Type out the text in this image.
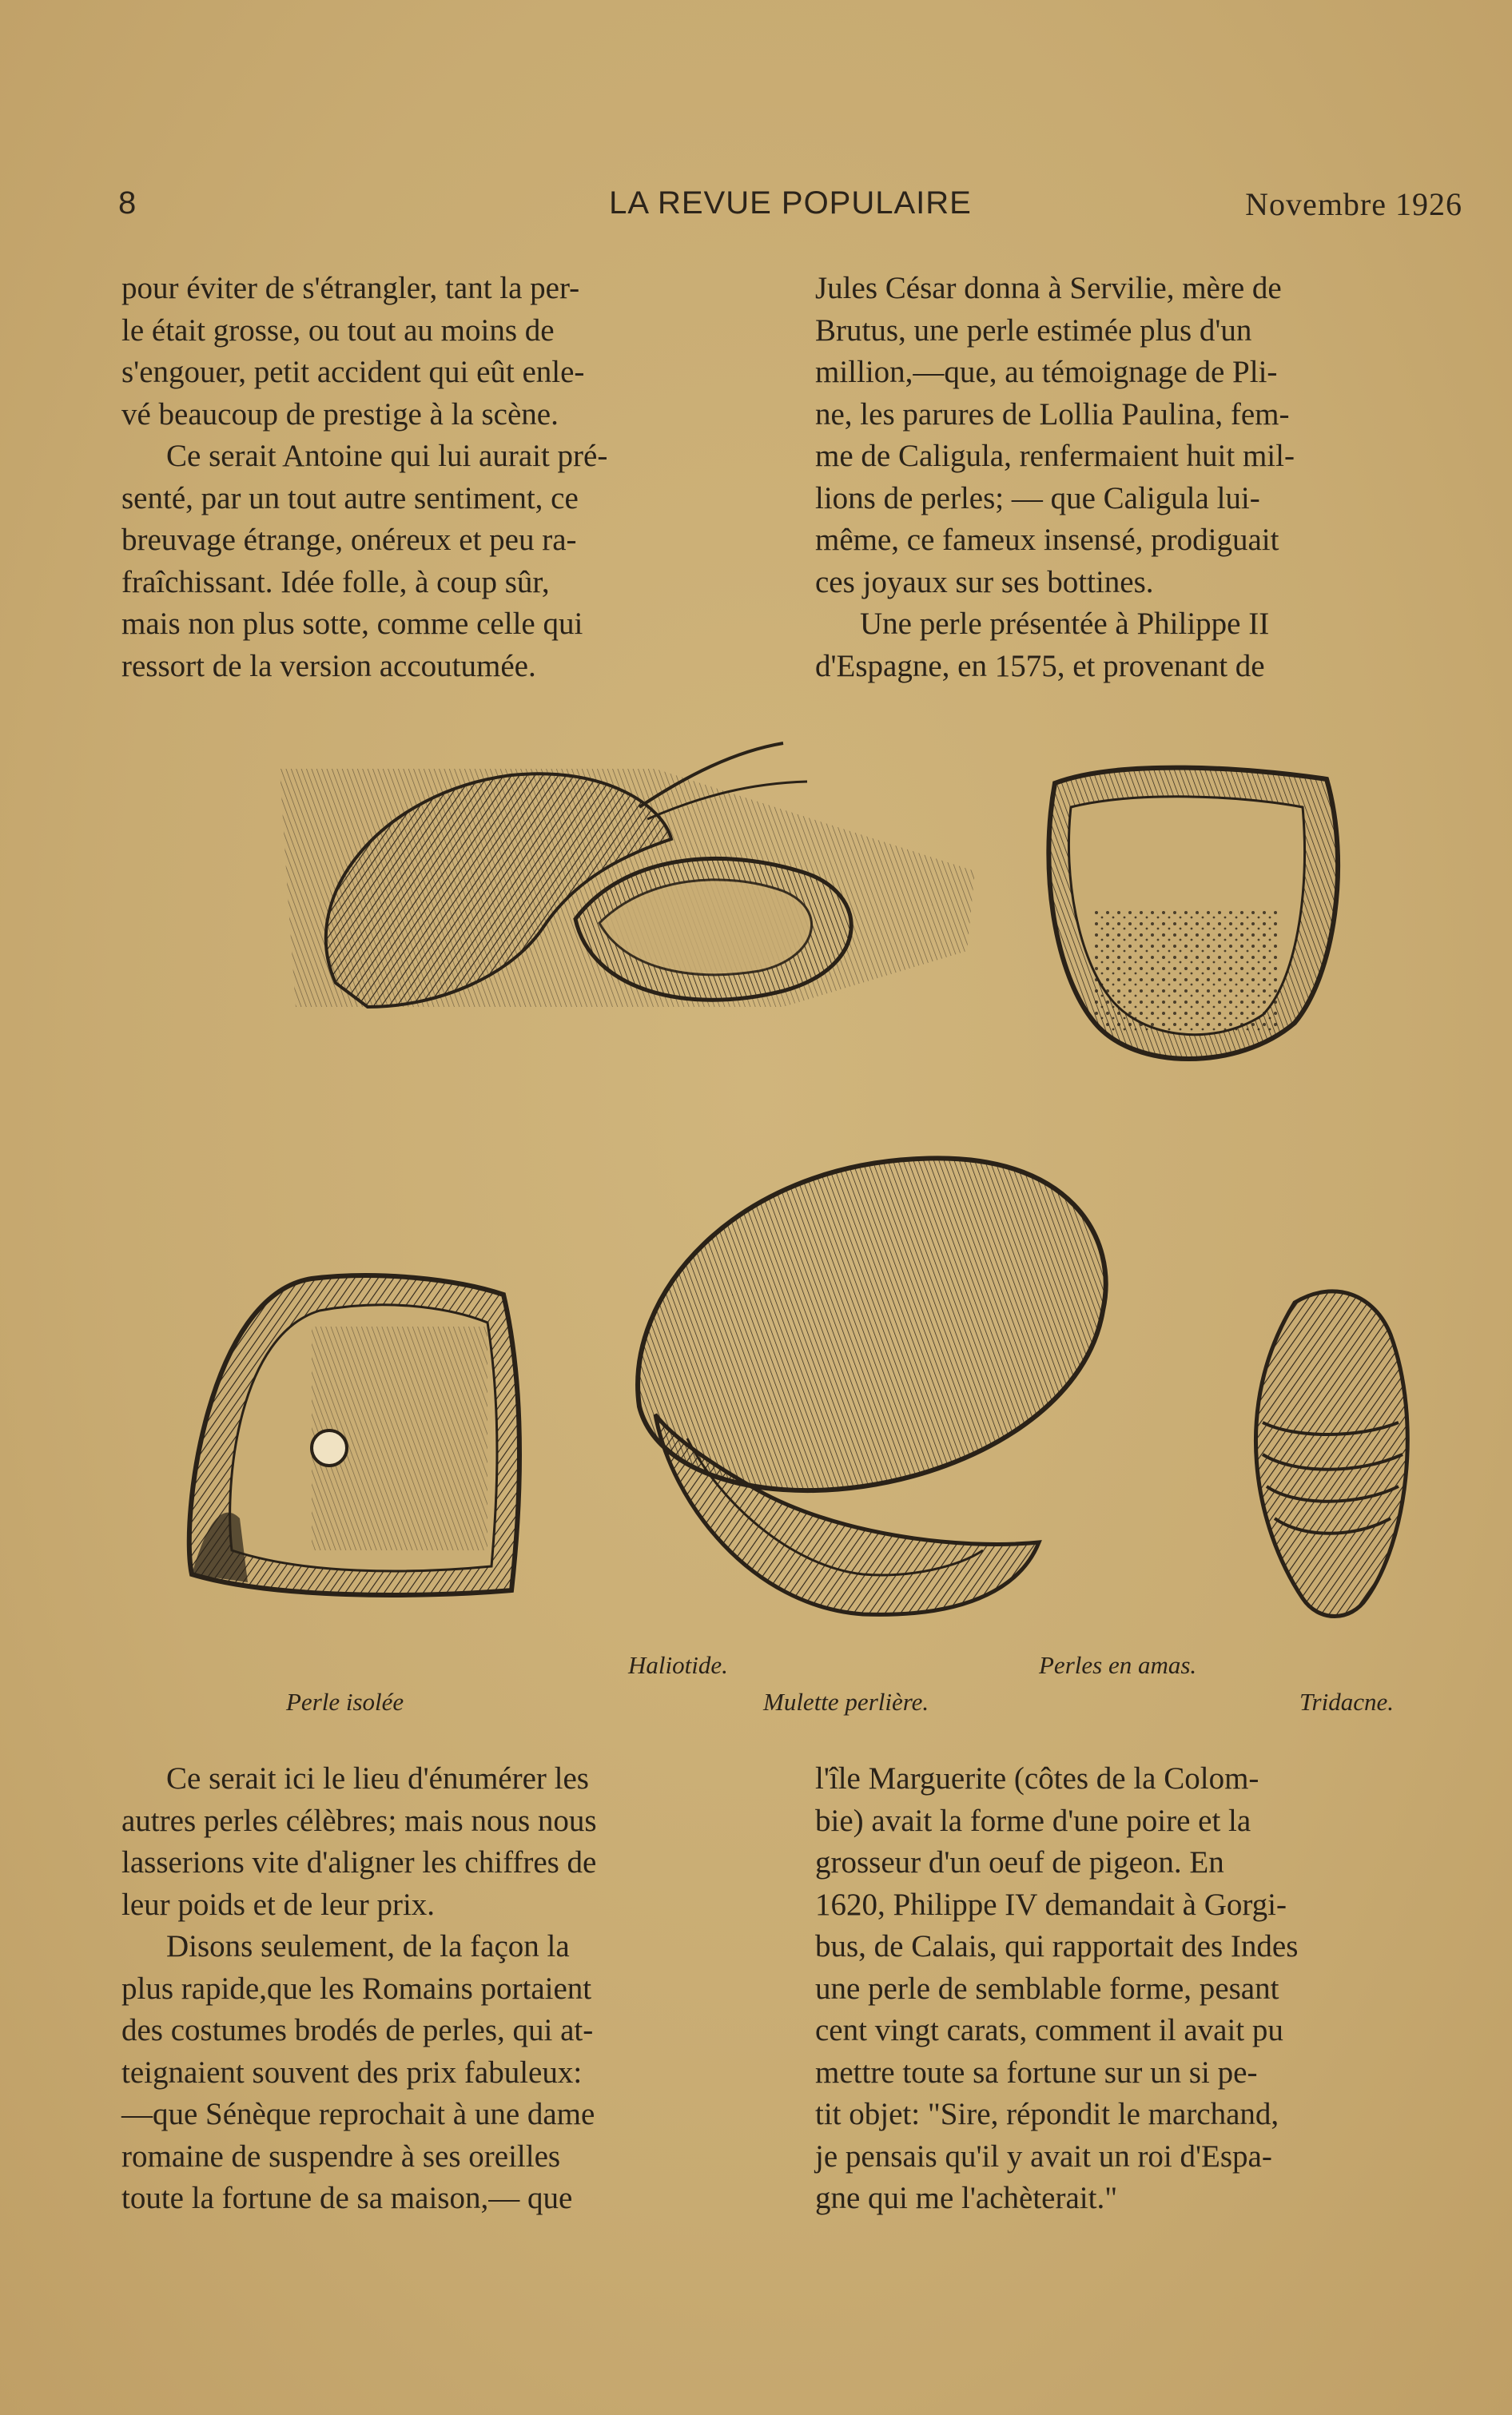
8	LA REVUE POPULAIRE	Novembre 1926
pour éviter de s'étrangler, tant la per-
le était grosse, ou tout au moins de
s'engouer, petit accident qui eût enle-
vé beaucoup de prestige à la scène.
Ce serait Antoine qui lui aurait pré-
senté, par un tout autre sentiment, ce
breuvage étrange, onéreux et peu ra-
fraîchissant. Idée folle, à coup sûr,
mais non plus sotte, comme celle qui
ressort de la version accoutumée.
Jules César donna à Servilie, mère de
Brutus, une perle estimée plus d'un
million,—que, au témoignage de Pli-
ne, les parures de Lollia Paulina, fem-
me de Caligula, renfermaient huit mil-
lions de perles; — que Caligula lui-
même, ce fameux insensé, prodiguait
ces joyaux sur ses bottines.
Une perle présentée à Philippe II
d'Espagne, en 1575, et provenant de
Haliotide.	Perles en amas.
Perle isolée	Mulette perlière.	Tridacne.
Ce serait ici le lieu d'énumérer les
autres perles célèbres; mais nous nous
lasserions vite d'aligner les chiffres de
leur poids et de leur prix.
Disons seulement, de la façon la
plus rapide,que les Romains portaient
des costumes brodés de perles, qui at-
teignaient souvent des prix fabuleux:
—que Sénèque reprochait à une dame
romaine de suspendre à ses oreilles
toute la fortune de sa maison,— que
l'île Marguerite (côtes de la Colom-
bie) avait la forme d'une poire et la
grosseur d'un oeuf de pigeon. En
1620, Philippe IV demandait à Gorgi-
bus, de Calais, qui rapportait des Indes
une perle de semblable forme, pesant
cent vingt carats, comment il avait pu
mettre toute sa fortune sur un si pe-
tit objet: "Sire, répondit le marchand,
je pensais qu'il y avait un roi d'Espa-
gne qui me l'achèterait."
